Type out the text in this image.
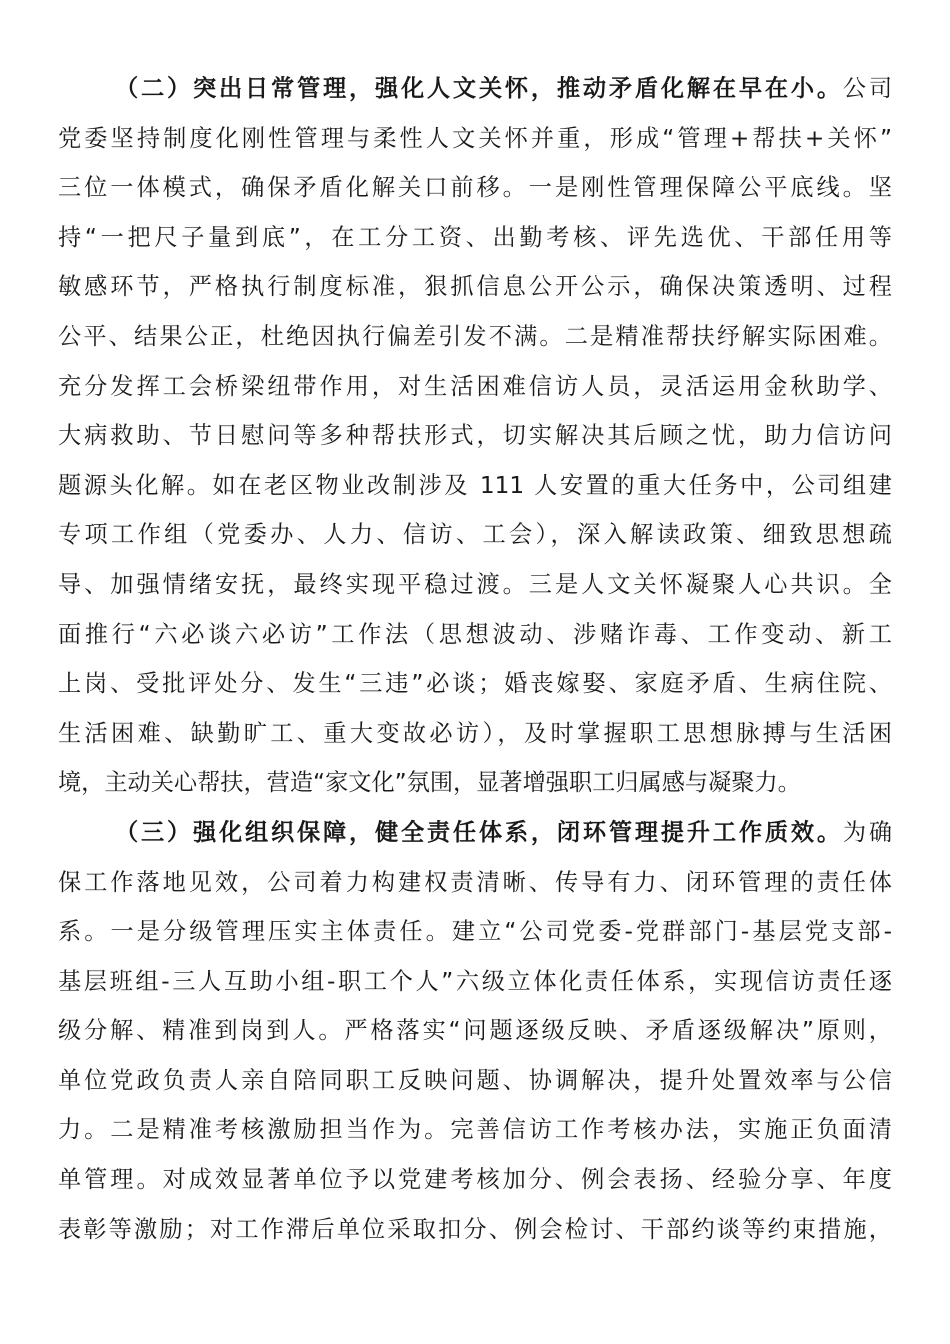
（二）突出日常管理，强化人文关怀，推动矛盾化解在早在小。公司
党委坚持制度化刚性管理与柔性人文关怀并重，形成“管理+帮扶+关怀”
三位一体模式，确保矛盾化解关口前移。一是刚性管理保障公平底线。坚
持“一把尺子量到底”，在工分工资、出勤考核、评先选优、干部任用等
敏感环节，严格执行制度标准，狠抓信息公开公示，确保决策透明、过程
公平、结果公正，杜绝因执行偏差引发不满。二是精准帮扶纾解实际困难。
充分发挥工会桥梁纽带作用，对生活困难信访人员，灵活运用金秋助学、
大病救助、节日慰问等多种帮扶形式，切实解决其后顾之忧，助力信访问
题源头化解。如在老区物业改制涉及 111 人安置的重大任务中，公司组建
专项工作组（党委办、人力、信访、工会），深入解读政策、细致思想疏
导、加强情绪安抚，最终实现平稳过渡。三是人文关怀凝聚人心共识。全
面推行“六必谈六必访”工作法（思想波动、涉赌诈毒、工作变动、新工
上岗、受批评处分、发生“三违”必谈；婚丧嫁娶、家庭矛盾、生病住院、
生活困难、缺勤旷工、重大变故必访），及时掌握职工思想脉搏与生活困
境，主动关心帮扶，营造“家文化”氛围，显著增强职工归属感与凝聚力。
（三）强化组织保障，健全责任体系，闭环管理提升工作质效。为确
保工作落地见效，公司着力构建权责清晰、传导有力、闭环管理的责任体
系。一是分级管理压实主体责任。建立“公司党委-党群部门-基层党支部-
基层班组-三人互助小组-职工个人”六级立体化责任体系，实现信访责任逐
级分解、精准到岗到人。严格落实“问题逐级反映、矛盾逐级解决”原则，
单位党政负责人亲自陪同职工反映问题、协调解决，提升处置效率与公信
力。二是精准考核激励担当作为。完善信访工作考核办法，实施正负面清
单管理。对成效显著单位予以党建考核加分、例会表扬、经验分享、年度
表彰等激励；对工作滞后单位采取扣分、例会检讨、干部约谈等约束措施，
